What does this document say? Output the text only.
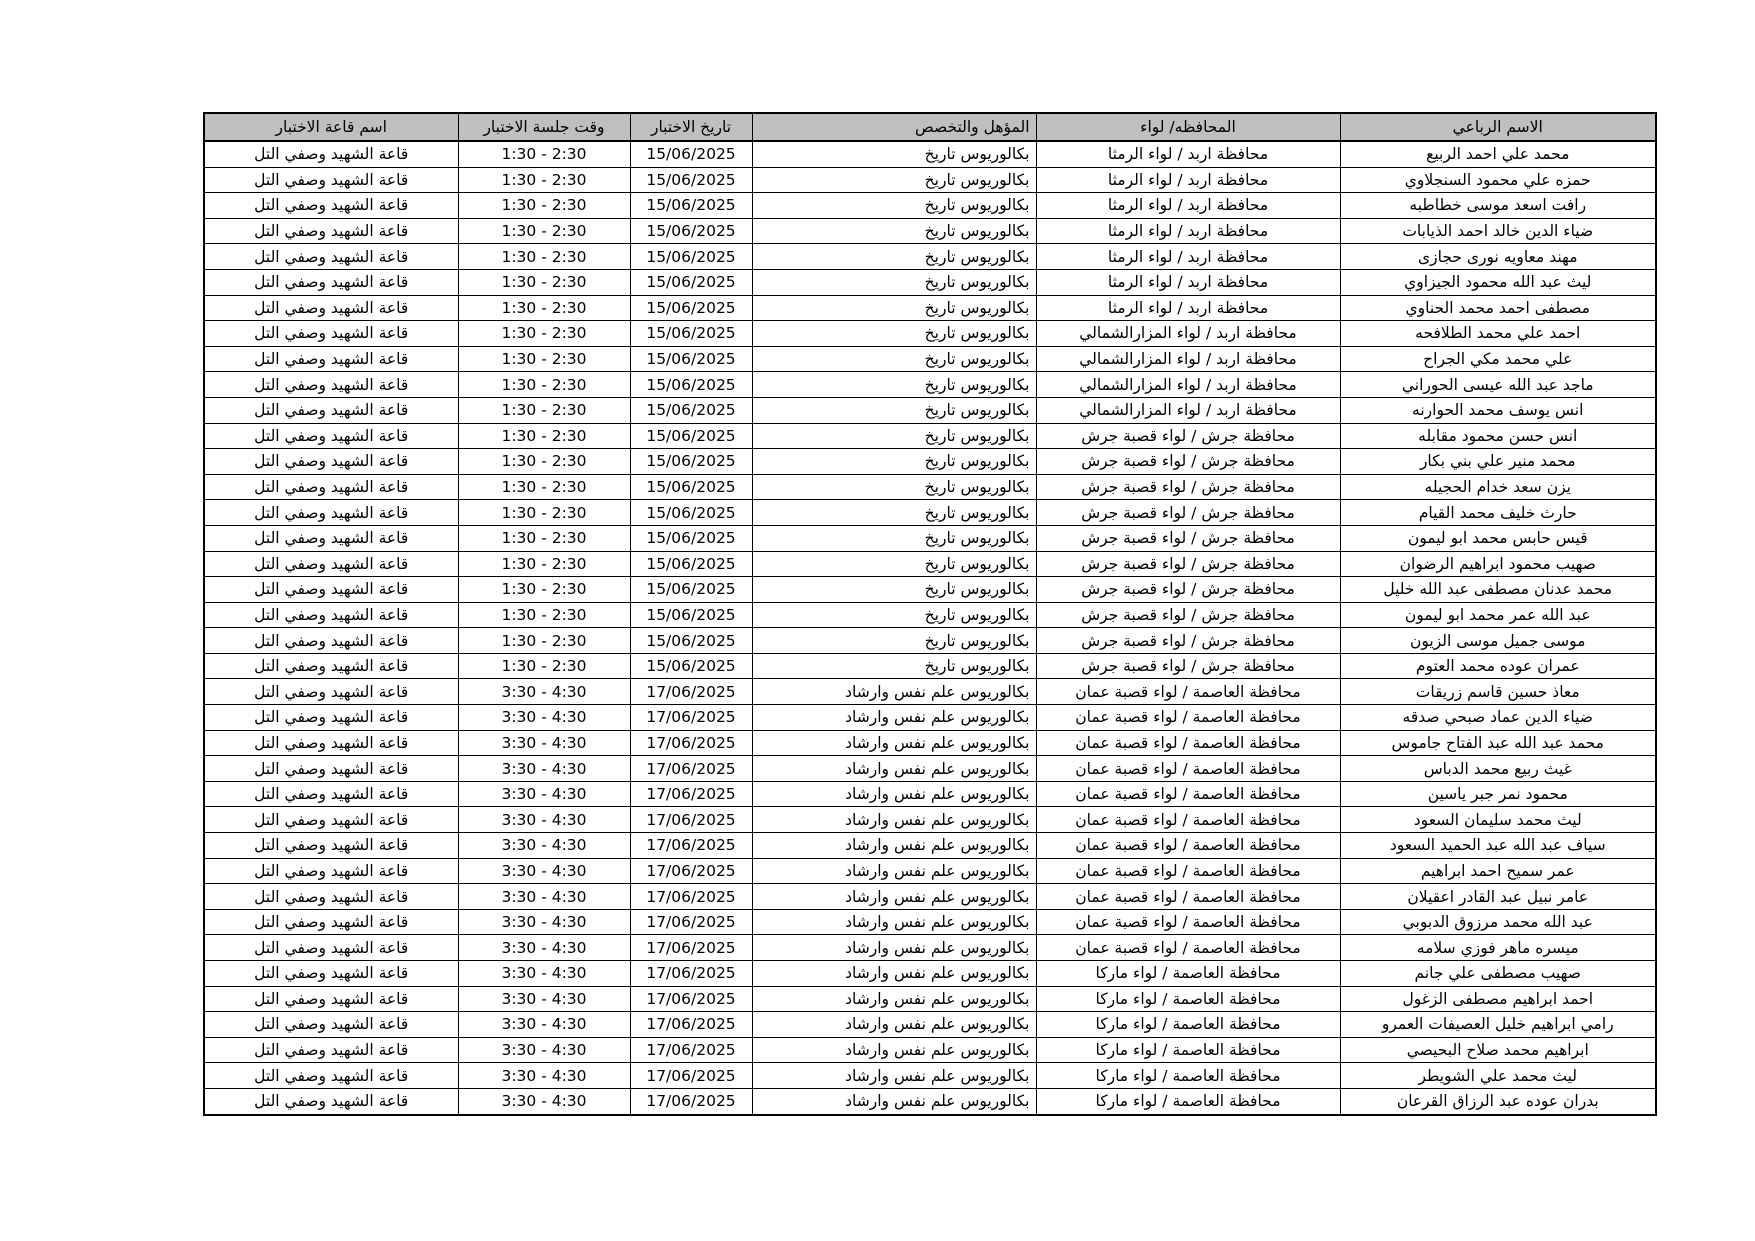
الاسم الرباعي	المحافظه/ لواء	المؤهل والتخصص	تاريخ الاختبار	وقت جلسة الاختبار	اسم قاعة الاختبار
محمد علي احمد الربيع	محافظة اربد / لواء الرمثا	بكالوريوس تاريخ	15/06/2025	1:30 - 2:30	قاعة الشهيد وصفي التل
حمزه علي محمود السنجلاوي	محافظة اربد / لواء الرمثا	بكالوريوس تاريخ	15/06/2025	1:30 - 2:30	قاعة الشهيد وصفي التل
رافت اسعد موسى خطاطبه	محافظة اربد / لواء الرمثا	بكالوريوس تاريخ	15/06/2025	1:30 - 2:30	قاعة الشهيد وصفي التل
ضياء الدين خالد احمد الذيابات	محافظة اربد / لواء الرمثا	بكالوريوس تاريخ	15/06/2025	1:30 - 2:30	قاعة الشهيد وصفي التل
مهند معاويه نورى حجازى	محافظة اربد / لواء الرمثا	بكالوريوس تاريخ	15/06/2025	1:30 - 2:30	قاعة الشهيد وصفي التل
ليث عبد الله محمود الجيزاوي	محافظة اربد / لواء الرمثا	بكالوريوس تاريخ	15/06/2025	1:30 - 2:30	قاعة الشهيد وصفي التل
مصطفى احمد محمد الحناوي	محافظة اربد / لواء الرمثا	بكالوريوس تاريخ	15/06/2025	1:30 - 2:30	قاعة الشهيد وصفي التل
احمد علي محمد الطلافحه	محافظة اربد / لواء المزارالشمالي	بكالوريوس تاريخ	15/06/2025	1:30 - 2:30	قاعة الشهيد وصفي التل
علي محمد مكي الجراح	محافظة اربد / لواء المزارالشمالي	بكالوريوس تاريخ	15/06/2025	1:30 - 2:30	قاعة الشهيد وصفي التل
ماجد عبد الله عيسى الحوراني	محافظة اربد / لواء المزارالشمالي	بكالوريوس تاريخ	15/06/2025	1:30 - 2:30	قاعة الشهيد وصفي التل
انس يوسف محمد الحوارنه	محافظة اربد / لواء المزارالشمالي	بكالوريوس تاريخ	15/06/2025	1:30 - 2:30	قاعة الشهيد وصفي التل
انس حسن محمود مقابله	محافظة جرش / لواء قصبة جرش	بكالوريوس تاريخ	15/06/2025	1:30 - 2:30	قاعة الشهيد وصفي التل
محمد منير علي بني بكار	محافظة جرش / لواء قصبة جرش	بكالوريوس تاريخ	15/06/2025	1:30 - 2:30	قاعة الشهيد وصفي التل
يزن سعد خدام الحجيله	محافظة جرش / لواء قصبة جرش	بكالوريوس تاريخ	15/06/2025	1:30 - 2:30	قاعة الشهيد وصفي التل
حارث خليف محمد القيام	محافظة جرش / لواء قصبة جرش	بكالوريوس تاريخ	15/06/2025	1:30 - 2:30	قاعة الشهيد وصفي التل
قيس حابس محمد ابو ليمون	محافظة جرش / لواء قصبة جرش	بكالوريوس تاريخ	15/06/2025	1:30 - 2:30	قاعة الشهيد وصفي التل
صهيب محمود ابراهيم الرضوان	محافظة جرش / لواء قصبة جرش	بكالوريوس تاريخ	15/06/2025	1:30 - 2:30	قاعة الشهيد وصفي التل
محمد عدنان مصطفى عبد الله خليل	محافظة جرش / لواء قصبة جرش	بكالوريوس تاريخ	15/06/2025	1:30 - 2:30	قاعة الشهيد وصفي التل
عبد الله عمر محمد ابو ليمون	محافظة جرش / لواء قصبة جرش	بكالوريوس تاريخ	15/06/2025	1:30 - 2:30	قاعة الشهيد وصفي التل
موسى جميل موسى الزيون	محافظة جرش / لواء قصبة جرش	بكالوريوس تاريخ	15/06/2025	1:30 - 2:30	قاعة الشهيد وصفي التل
عمران عوده محمد العتوم	محافظة جرش / لواء قصبة جرش	بكالوريوس تاريخ	15/06/2025	1:30 - 2:30	قاعة الشهيد وصفي التل
معاذ حسين قاسم زريقات	محافظة العاصمة / لواء قصبة عمان	بكالوريوس علم نفس وارشاد	17/06/2025	3:30 - 4:30	قاعة الشهيد وصفي التل
ضياء الدين عماد صبحي صدقه	محافظة العاصمة / لواء قصبة عمان	بكالوريوس علم نفس وارشاد	17/06/2025	3:30 - 4:30	قاعة الشهيد وصفي التل
محمد عبد الله عبد الفتاح جاموس	محافظة العاصمة / لواء قصبة عمان	بكالوريوس علم نفس وارشاد	17/06/2025	3:30 - 4:30	قاعة الشهيد وصفي التل
غيث ربيع محمد الدباس	محافظة العاصمة / لواء قصبة عمان	بكالوريوس علم نفس وارشاد	17/06/2025	3:30 - 4:30	قاعة الشهيد وصفي التل
محمود نمر جبر ياسين	محافظة العاصمة / لواء قصبة عمان	بكالوريوس علم نفس وارشاد	17/06/2025	3:30 - 4:30	قاعة الشهيد وصفي التل
ليث محمد سليمان السعود	محافظة العاصمة / لواء قصبة عمان	بكالوريوس علم نفس وارشاد	17/06/2025	3:30 - 4:30	قاعة الشهيد وصفي التل
سياف عبد الله عبد الحميد السعود	محافظة العاصمة / لواء قصبة عمان	بكالوريوس علم نفس وارشاد	17/06/2025	3:30 - 4:30	قاعة الشهيد وصفي التل
عمر سميح احمد ابراهيم	محافظة العاصمة / لواء قصبة عمان	بكالوريوس علم نفس وارشاد	17/06/2025	3:30 - 4:30	قاعة الشهيد وصفي التل
عامر نبيل عبد القادر اعقيلان	محافظة العاصمة / لواء قصبة عمان	بكالوريوس علم نفس وارشاد	17/06/2025	3:30 - 4:30	قاعة الشهيد وصفي التل
عبد الله محمد مرزوق الدبوبي	محافظة العاصمة / لواء قصبة عمان	بكالوريوس علم نفس وارشاد	17/06/2025	3:30 - 4:30	قاعة الشهيد وصفي التل
ميسره ماهر فوزي سلامه	محافظة العاصمة / لواء قصبة عمان	بكالوريوس علم نفس وارشاد	17/06/2025	3:30 - 4:30	قاعة الشهيد وصفي التل
صهيب مصطفى علي جانم	محافظة العاصمة / لواء ماركا	بكالوريوس علم نفس وارشاد	17/06/2025	3:30 - 4:30	قاعة الشهيد وصفي التل
احمد ابراهيم مصطفى الزغول	محافظة العاصمة / لواء ماركا	بكالوريوس علم نفس وارشاد	17/06/2025	3:30 - 4:30	قاعة الشهيد وصفي التل
رامي ابراهيم خليل العصيفات العمرو	محافظة العاصمة / لواء ماركا	بكالوريوس علم نفس وارشاد	17/06/2025	3:30 - 4:30	قاعة الشهيد وصفي التل
ابراهيم محمد صلاح البحيصي	محافظة العاصمة / لواء ماركا	بكالوريوس علم نفس وارشاد	17/06/2025	3:30 - 4:30	قاعة الشهيد وصفي التل
ليث محمد علي الشويطر	محافظة العاصمة / لواء ماركا	بكالوريوس علم نفس وارشاد	17/06/2025	3:30 - 4:30	قاعة الشهيد وصفي التل
بدران عوده عبد الرزاق القرعان	محافظة العاصمة / لواء ماركا	بكالوريوس علم نفس وارشاد	17/06/2025	3:30 - 4:30	قاعة الشهيد وصفي التل
